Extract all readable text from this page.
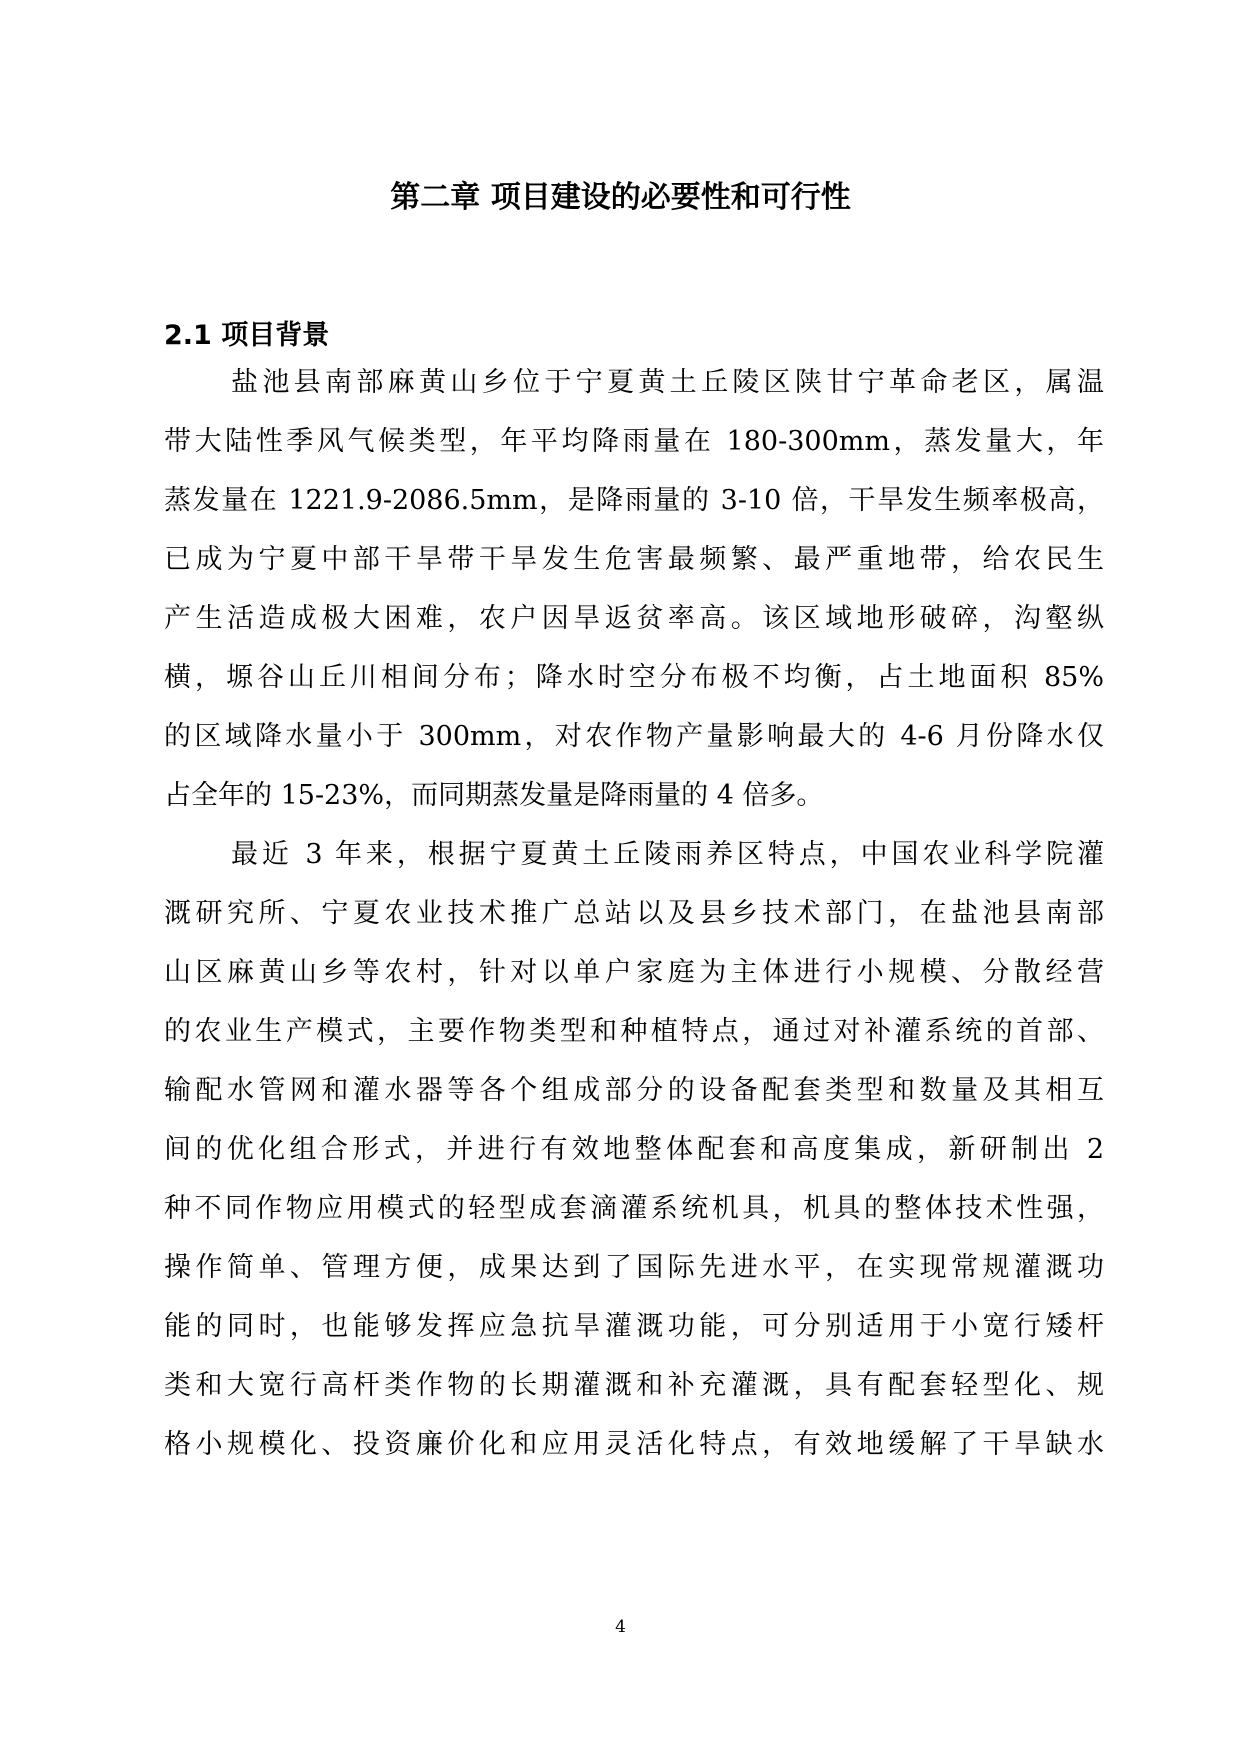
第二章 项目建设的必要性和可行性
2.1 项目背景

盐池县南部麻黄山乡位于宁夏黄土丘陵区陕甘宁革命老区，属温

带大陆性季风气候类型，年平均降雨量在 180-300mm，蒸发量大，年

蒸发量在 1221.9-2086.5mm，是降雨量的 3-10 倍，干旱发生频率极高，

已成为宁夏中部干旱带干旱发生危害最频繁、最严重地带，给农民生

产生活造成极大困难，农户因旱返贫率高。该区域地形破碎，沟壑纵

横，塬谷山丘川相间分布；降水时空分布极不均衡，占土地面积 85%

的区域降水量小于 300mm，对农作物产量影响最大的 4-6 月份降水仅

占全年的 15-23%，而同期蒸发量是降雨量的 4 倍多。

最近 3 年来，根据宁夏黄土丘陵雨养区特点，中国农业科学院灌

溉研究所、宁夏农业技术推广总站以及县乡技术部门，在盐池县南部

山区麻黄山乡等农村，针对以单户家庭为主体进行小规模、分散经营

的农业生产模式，主要作物类型和种植特点，通过对补灌系统的首部、

输配水管网和灌水器等各个组成部分的设备配套类型和数量及其相互

间的优化组合形式，并进行有效地整体配套和高度集成，新研制出 2

种不同作物应用模式的轻型成套滴灌系统机具，机具的整体技术性强，

操作简单、管理方便，成果达到了国际先进水平，在实现常规灌溉功

能的同时，也能够发挥应急抗旱灌溉功能，可分别适用于小宽行矮杆

类和大宽行高杆类作物的长期灌溉和补充灌溉，具有配套轻型化、规

格小规模化、投资廉价化和应用灵活化特点，有效地缓解了干旱缺水

4
